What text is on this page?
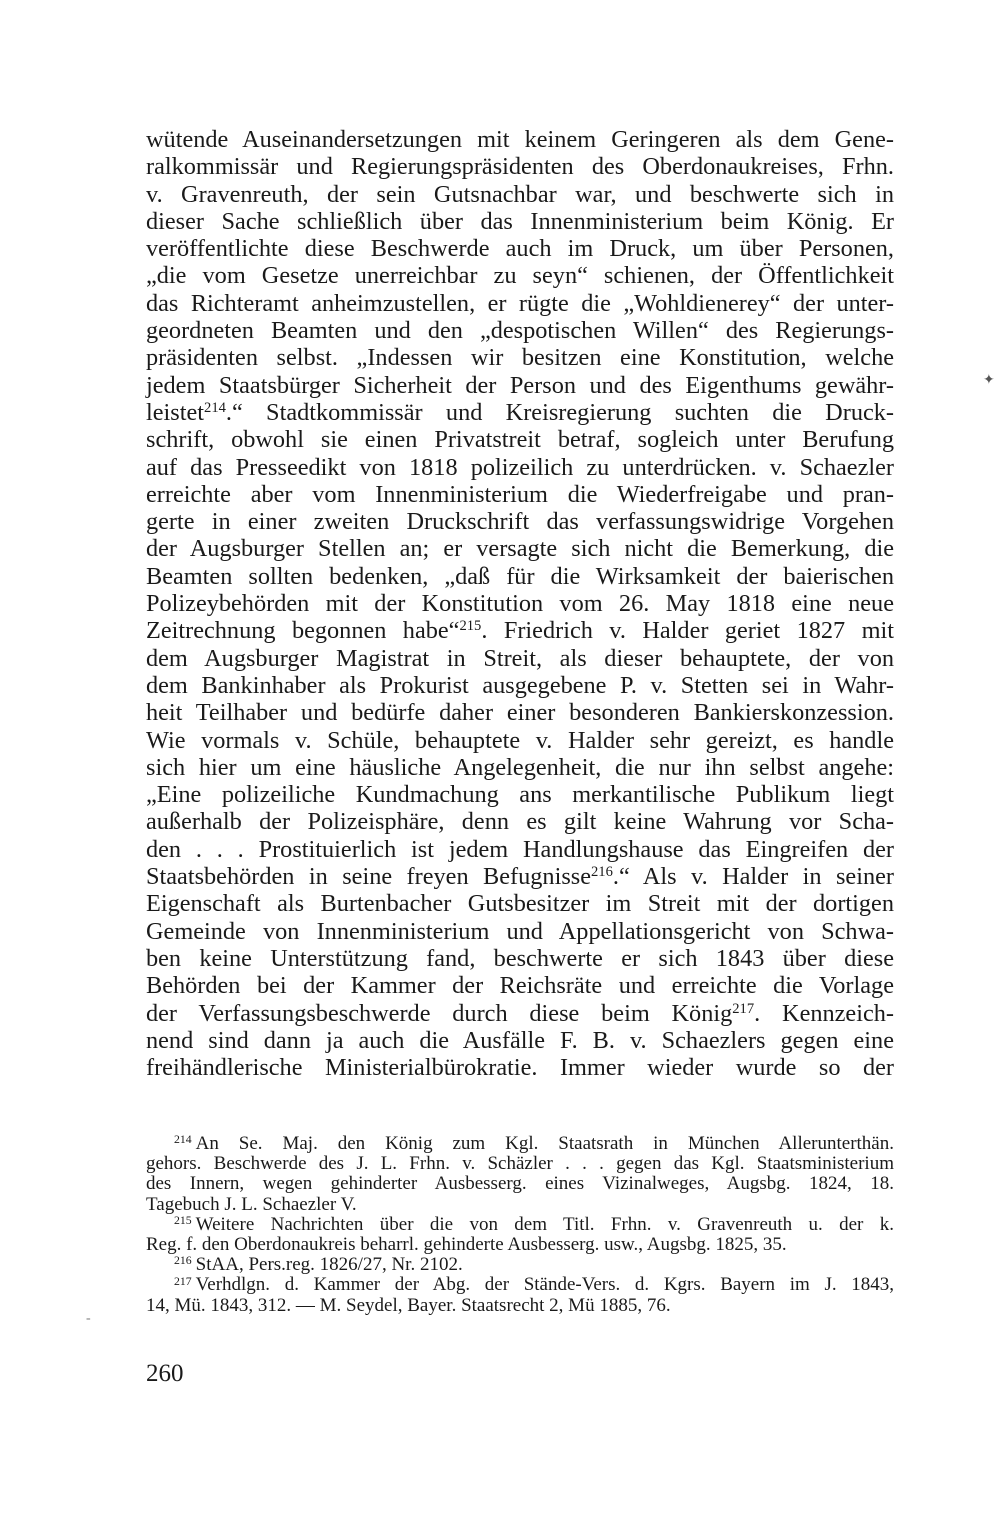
wütende Auseinandersetzungen mit keinem Geringeren als dem Gene-
ralkommissär und Regierungspräsidenten des Oberdonaukreises, Frhn.
v. Gravenreuth, der sein Gutsnachbar war, und beschwerte sich in
dieser Sache schließlich über das Innenministerium beim König. Er
veröffentlichte diese Beschwerde auch im Druck, um über Personen,
„die vom Gesetze unerreichbar zu seyn“ schienen, der Öffentlichkeit
das Richteramt anheimzustellen, er rügte die „Wohldienerey“ der unter-
geordneten Beamten und den „despotischen Willen“ des Regierungs-
präsidenten selbst. „Indessen wir besitzen eine Konstitution, welche
jedem Staatsbürger Sicherheit der Person und des Eigenthums gewähr-
leistet$^{214}$.“ Stadtkommissär und Kreisregierung suchten die Druck-
schrift, obwohl sie einen Privatstreit betraf, sogleich unter Berufung
auf das Presseedikt von 1818 polizeilich zu unterdrücken. v. Schaezler
erreichte aber vom Innenministerium die Wiederfreigabe und pran-
gerte in einer zweiten Druckschrift das verfassungswidrige Vorgehen
der Augsburger Stellen an; er versagte sich nicht die Bemerkung, die
Beamten sollten bedenken, „daß für die Wirksamkeit der baierischen
Polizeybehörden mit der Konstitution vom 26. May 1818 eine neue
Zeitrechnung begonnen habe“$^{215}$. Friedrich v. Halder geriet 1827 mit
dem Augsburger Magistrat in Streit, als dieser behauptete, der von
dem Bankinhaber als Prokurist ausgegebene P. v. Stetten sei in Wahr-
heit Teilhaber und bedürfe daher einer besonderen Bankierskonzession.
Wie vormals v. Schüle, behauptete v. Halder sehr gereizt, es handle
sich hier um eine häusliche Angelegenheit, die nur ihn selbst angehe:
„Eine polizeiliche Kundmachung ans merkantilische Publikum liegt
außerhalb der Polizeisphäre, denn es gilt keine Wahrung vor Scha-
den . . . Prostituierlich ist jedem Handlungshause das Eingreifen der
Staatsbehörden in seine freyen Befugnisse$^{216}$.“ Als v. Halder in seiner
Eigenschaft als Burtenbacher Gutsbesitzer im Streit mit der dortigen
Gemeinde von Innenministerium und Appellationsgericht von Schwa-
ben keine Unterstützung fand, beschwerte er sich 1843 über diese
Behörden bei der Kammer der Reichsräte und erreichte die Vorlage
der Verfassungsbeschwerde durch diese beim König$^{217}$. Kennzeich-
nend sind dann ja auch die Ausfälle F. B. v. Schaezlers gegen eine
freihändlerische Ministerialbürokratie. Immer wieder wurde so der
$^{214}$ An Se. Maj. den König zum Kgl. Staatsrath in München Allerunterthän.
gehors. Beschwerde des J. L. Frhn. v. Schäzler . . . gegen das Kgl. Staatsministerium
des Innern, wegen gehinderter Ausbesserg. eines Vizinalweges, Augsbg. 1824, 18.
Tagebuch J. L. Schaezler V.
$^{215}$ Weitere Nachrichten über die von dem Titl. Frhn. v. Gravenreuth u. der k.
Reg. f. den Oberdonaukreis beharrl. gehinderte Ausbesserg. usw., Augsbg. 1825, 35.
$^{216}$ StAA, Pers.reg. 1826/27, Nr. 2102.
$^{217}$ Verhdlgn. d. Kammer der Abg. der Stände-Vers. d. Kgrs. Bayern im J. 1843,
14, Mü. 1843, 312. — M. Seydel, Bayer. Staatsrecht 2, Mü 1885, 76.
260
✦
-
